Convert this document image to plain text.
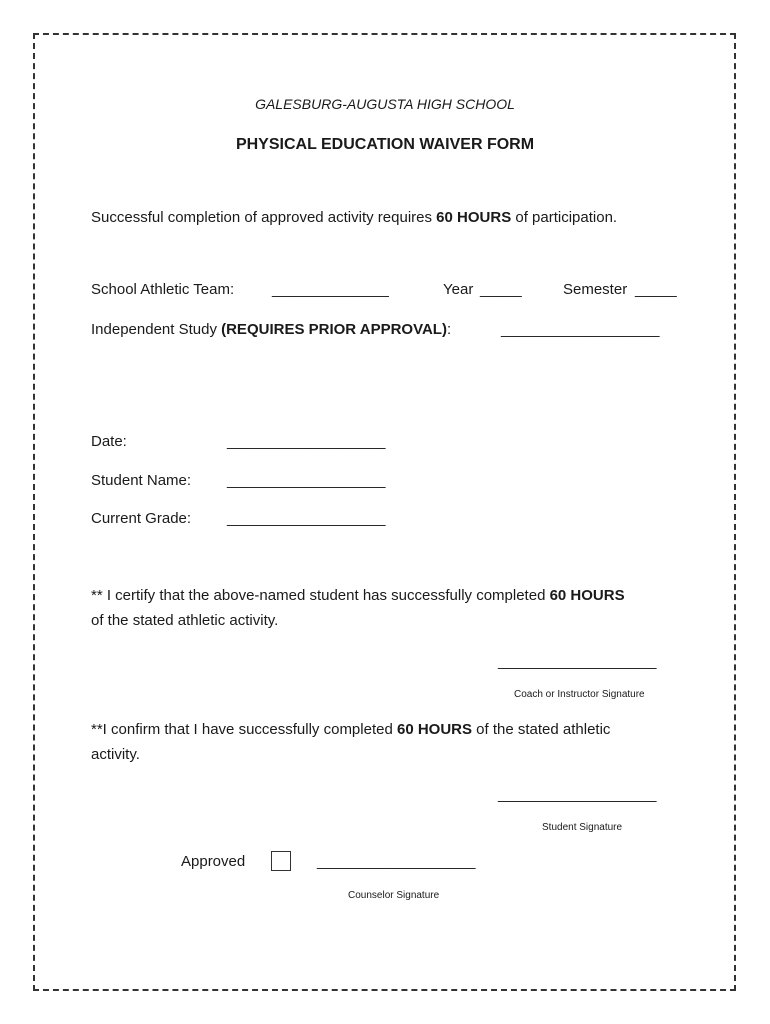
GALESBURG-AUGUSTA HIGH SCHOOL
PHYSICAL EDUCATION WAIVER FORM
Successful completion of approved activity requires 60 HOURS of participation.
School Athletic Team:	______________	Year _____	Semester _____
Independent Study (REQUIRES PRIOR APPROVAL):	___________________
Date:	___________________
Student Name: ___________________
Current Grade: ___________________
** I certify that the above-named student has successfully completed 60 HOURS
of the stated athletic activity.
___________________
Coach or Instructor Signature
**I confirm that I have successfully completed 60 HOURS of the stated athletic
activity.
___________________
Student Signature
Approved	___________________
Counselor Signature
